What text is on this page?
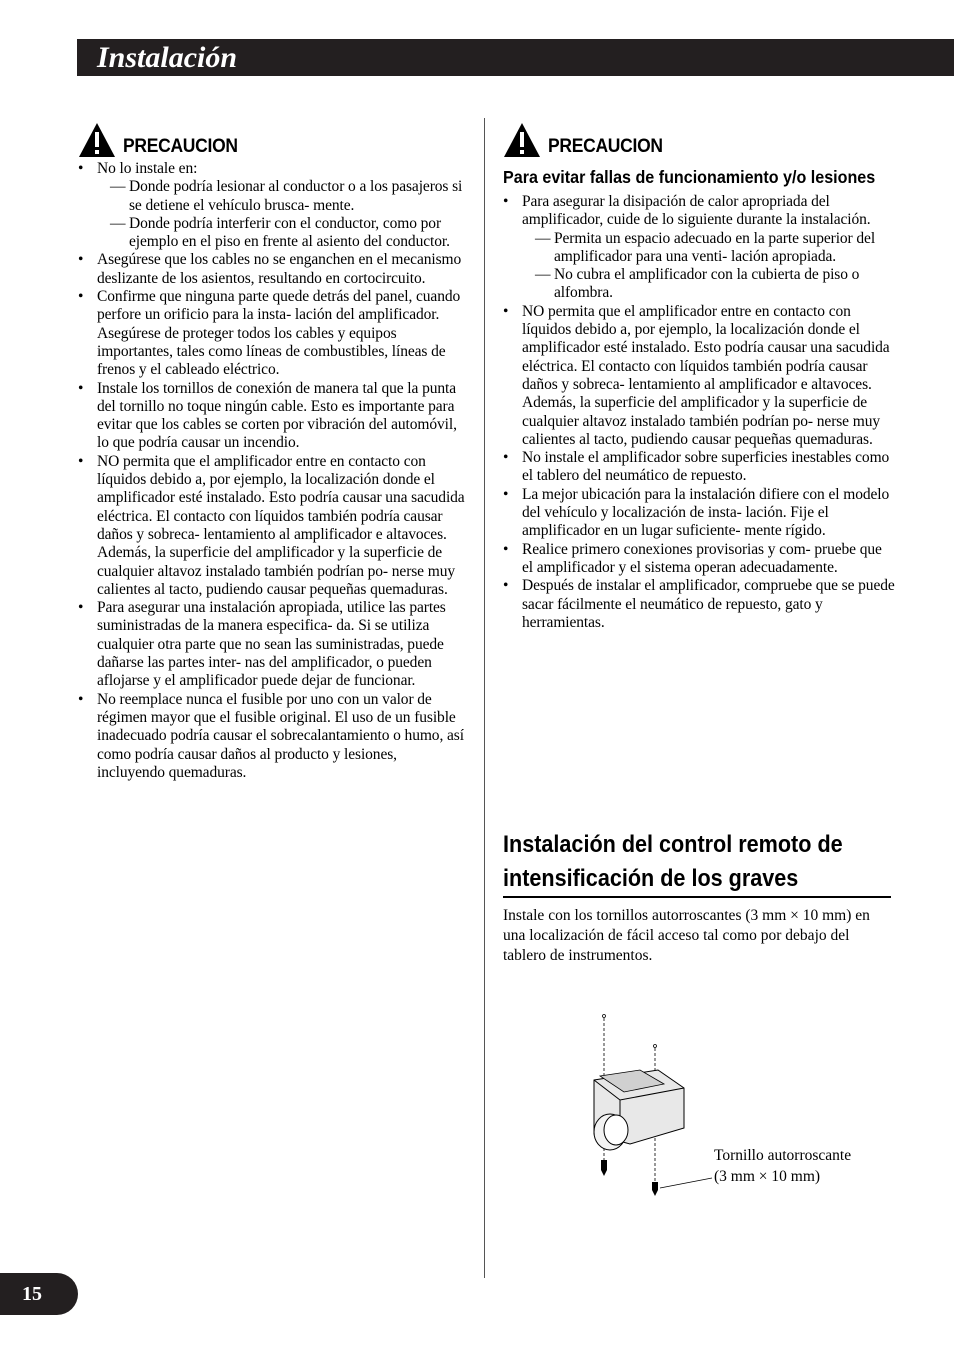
Instalación
PRECAUCION
• No lo instale en:
— Donde podría lesionar al conductor o a los pasajeros si se detiene el vehículo brusca- mente.
— Donde podría interferir con el conductor, como por ejemplo en el piso en frente al asiento del conductor.
• Asegúrese que los cables no se enganchen en el mecanismo deslizante de los asientos, resultando en cortocircuito.
• Confirme que ninguna parte quede detrás del panel, cuando perfore un orificio para la insta- lación del amplificador. Asegúrese de proteger todos los cables y equipos importantes, tales como líneas de combustibles, líneas de frenos y el cableado eléctrico.
• Instale los tornillos de conexión de manera tal que la punta del tornillo no toque ningún cable. Esto es importante para evitar que los cables se corten por vibración del automóvil, lo que podría causar un incendio.
• NO permita que el amplificador entre en contacto con líquidos debido a, por ejemplo, la localización donde el amplificador esté instalado. Esto podría causar una sacudida eléctrica. El contacto con líquidos también podría causar daños y sobreca- lentamiento al amplificador e altavoces. Además, la superficie del amplificador y la superficie de cualquier altavoz instalado también podrían po- nerse muy calientes al tacto, pudiendo causar pequeñas quemaduras.
• Para asegurar una instalación apropiada, utilice las partes suministradas de la manera especifica- da. Si se utiliza cualquier otra parte que no sean las suministradas, puede dañarse las partes inter- nas del amplificador, o pueden aflojarse y el amplificador puede dejar de funcionar.
• No reemplace nunca el fusible por uno con un valor de régimen mayor que el fusible original. El uso de un fusible inadecuado podría causar el sobrecalantamiento o humo, así como podría causar daños al producto y lesiones, incluyendo quemaduras.
PRECAUCION
Para evitar fallas de funcionamiento y/o lesiones
• Para asegurar la disipación de calor apropriada del amplificador, cuide de lo siguiente durante la instalación.
— Permita un espacio adecuado en la parte superior del amplificador para una venti- lación apropiada.
— No cubra el amplificador con la cubierta de piso o alfombra.
• NO permita que el amplificador entre en contacto con líquidos debido a, por ejemplo, la localización donde el amplificador esté instalado. Esto podría causar una sacudida eléctrica. El contacto con líquidos también podría causar daños y sobreca- lentamiento al amplificador e altavoces. Además, la superficie del amplificador y la superficie de cualquier altavoz instalado también podrían po- nerse muy calientes al tacto, pudiendo causar pequeñas quemaduras.
• No instale el amplificador sobre superficies inestables como el tablero del neumático de repuesto.
• La mejor ubicación para la instalación difiere con el modelo del vehículo y localización de insta- lación. Fije el amplificador en un lugar suficiente- mente rígido.
• Realice primero conexiones provisorias y com- pruebe que el amplificador y el sistema operan adecuadamente.
• Después de instalar el amplificador, compruebe que se puede sacar fácilmente el neumático de repuesto, gato y herramientas.
Instalación del control remoto de
intensificación de los graves
Instale con los tornillos autorroscantes (3 mm × 10 mm) en una localización de fácil acceso tal como por debajo del tablero de instrumentos.
Tornillo autorroscante
(3 mm × 10 mm)
15
